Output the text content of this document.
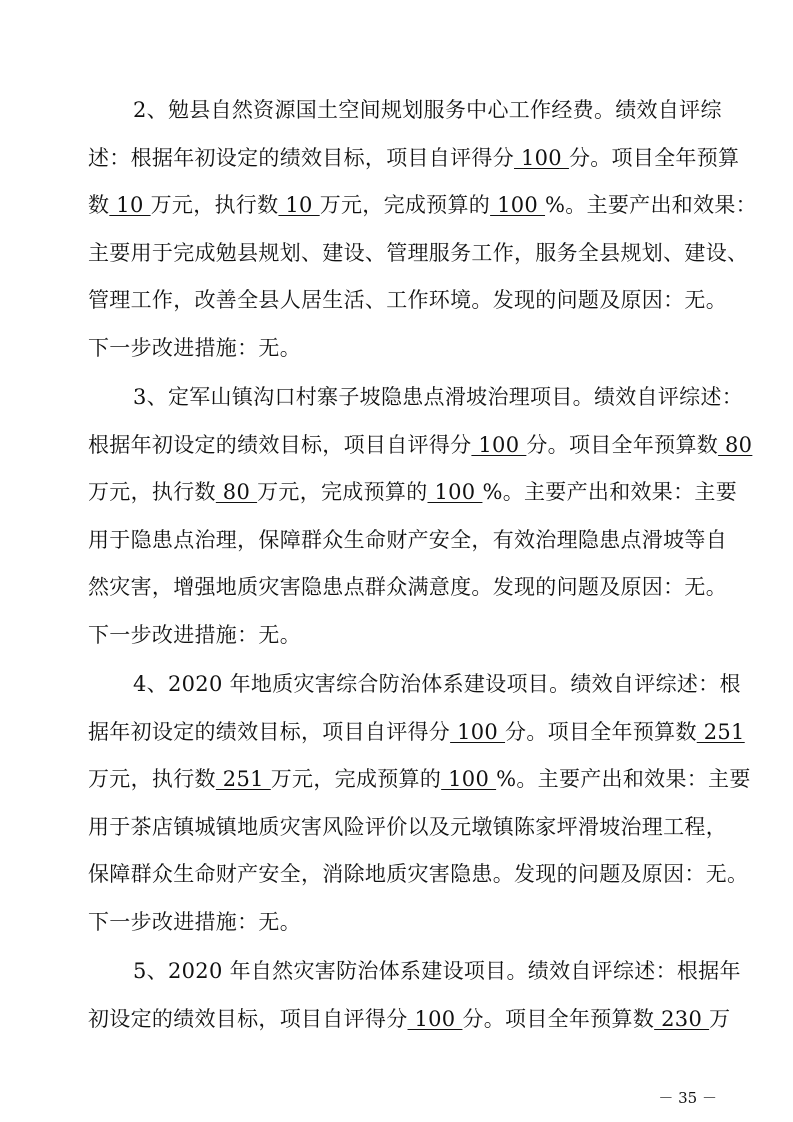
2、勉县自然资源国土空间规划服务中心工作经费。绩效自评综
述：根据年初设定的绩效目标，项目自评得分 100 分。项目全年预算
数 10 万元，执行数 10 万元，完成预算的 100 %。主要产出和效果：
主要用于完成勉县规划、建设、管理服务工作，服务全县规划、建设、
管理工作，改善全县人居生活、工作环境。发现的问题及原因：无。
下一步改进措施：无。
3、定军山镇沟口村寨子坡隐患点滑坡治理项目。绩效自评综述：
根据年初设定的绩效目标，项目自评得分 100 分。项目全年预算数 80
万元，执行数 80 万元，完成预算的 100 %。主要产出和效果：主要
用于隐患点治理，保障群众生命财产安全，有效治理隐患点滑坡等自
然灾害，增强地质灾害隐患点群众满意度。发现的问题及原因：无。
下一步改进措施：无。
4、2020 年地质灾害综合防治体系建设项目。绩效自评综述：根
据年初设定的绩效目标，项目自评得分 100 分。项目全年预算数 251
万元，执行数 251 万元，完成预算的 100 %。主要产出和效果：主要
用于茶店镇城镇地质灾害风险评价以及元墩镇陈家坪滑坡治理工程，
保障群众生命财产安全，消除地质灾害隐患。发现的问题及原因：无。
下一步改进措施：无。
5、2020 年自然灾害防治体系建设项目。绩效自评综述：根据年
初设定的绩效目标，项目自评得分 100 分。项目全年预算数 230 万
－ 35 －
